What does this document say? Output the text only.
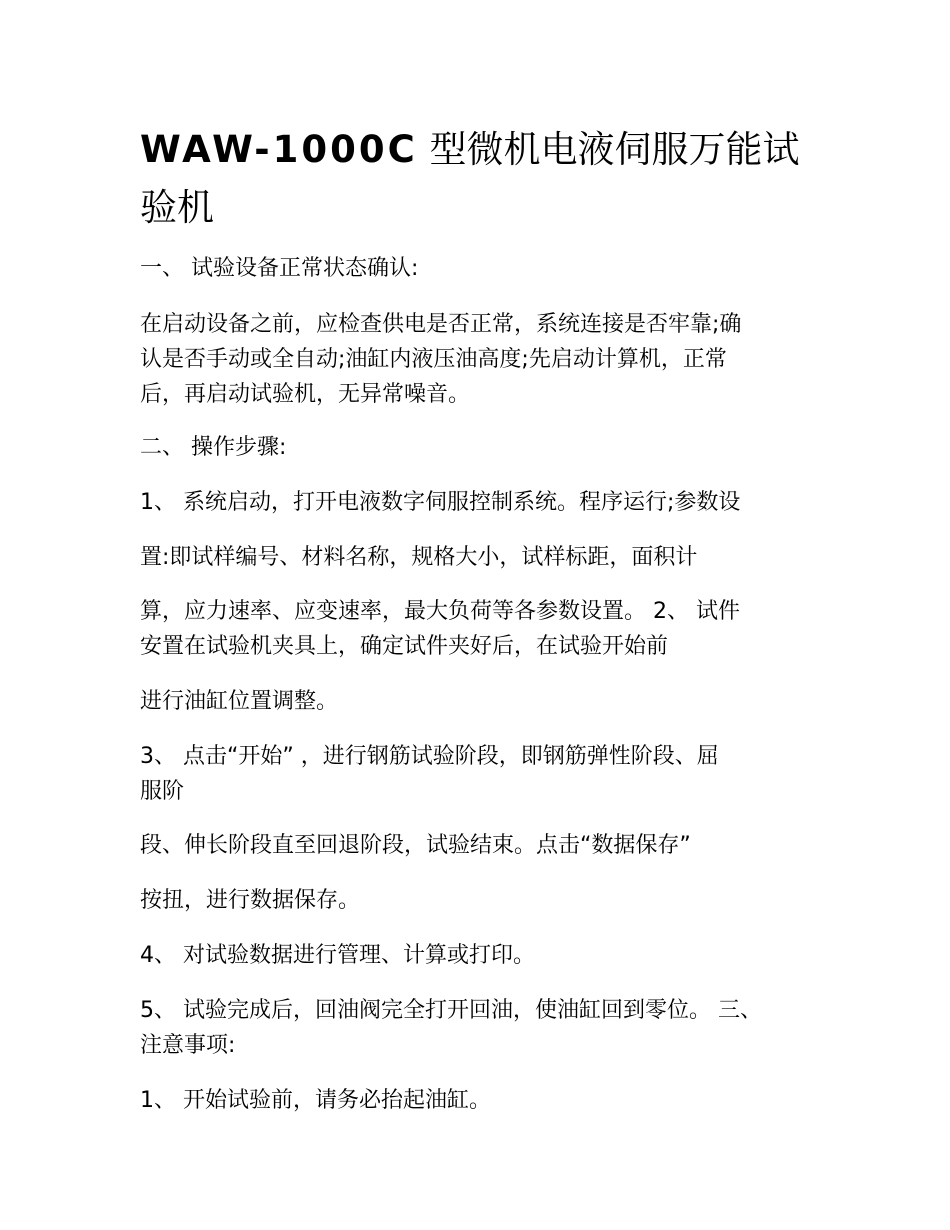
WAW-1000C 型微机电液伺服万能试验机

一、 试验设备正常状态确认:

在启动设备之前，应检查供电是否正常，系统连接是否牢靠;确
认是否手动或全自动;油缸内液压油高度;先启动计算机，正常
后，再启动试验机，无异常噪音。

二、 操作步骤:

1、 系统启动，打开电液数字伺服控制系统。程序运行;参数设

置:即试样编号、材料名称，规格大小，试样标距，面积计

算，应力速率、应变速率，最大负荷等各参数设置。 2、 试件

安置在试验机夹具上，确定试件夹好后，在试验开始前

进行油缸位置调整。

3、 点击“开始” ，进行钢筋试验阶段，即钢筋弹性阶段、屈

服阶

段、伸长阶段直至回退阶段，试验结束。点击“数据保存”

按扭，进行数据保存。

4、 对试验数据进行管理、计算或打印。

5、 试验完成后，回油阀完全打开回油，使油缸回到零位。 三、

注意事项:

1、 开始试验前，请务必抬起油缸。
